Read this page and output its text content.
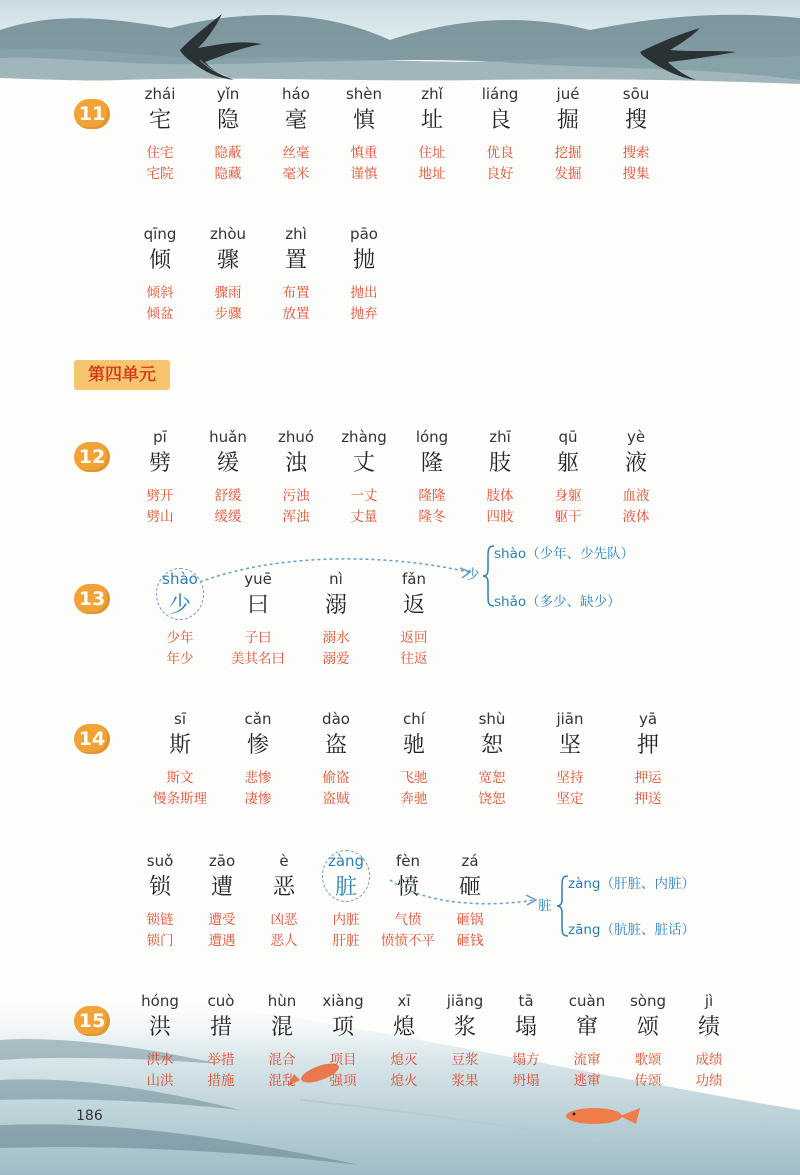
第四单元
11
zhái
宅
住宅
宅院
yǐn
隐
隐蔽
隐藏
háo
毫
丝毫
毫米
shèn
慎
慎重
谨慎
zhǐ
址
住址
地址
liáng
良
优良
良好
jué
掘
挖掘
发掘
sōu
搜
搜索
搜集
qīng
倾
倾斜
倾盆
zhòu
骤
骤雨
步骤
zhì
置
布置
放置
pāo
抛
抛出
抛弃
12
pī
劈
劈开
劈山
huǎn
缓
舒缓
缓缓
zhuó
浊
污浊
浑浊
zhàng
丈
一丈
丈量
lóng
隆
隆隆
隆冬
zhī
肢
肢体
四肢
qū
躯
身躯
躯干
yè
液
血液
液体
13
shào
少
少年
年少
yuē
曰
子曰
美其名曰
nì
溺
溺水
溺爱
fǎn
返
返回
往返
14
sī
斯
斯文
慢条斯理
cǎn
惨
悲惨
凄惨
dào
盗
偷盗
盗贼
chí
驰
飞驰
奔驰
shù
恕
宽恕
饶恕
jiān
坚
坚持
坚定
yā
押
押运
押送
suǒ
锁
锁链
锁门
zāo
遭
遭受
遭遇
è
恶
凶恶
恶人
zàng
脏
内脏
肝脏
fèn
愤
气愤
愤愤不平
zá
砸
砸锅
砸钱
15
hóng
洪
洪水
山洪
cuò
措
举措
措施
hùn
混
混合
混乱
xiàng
项
项目
强项
xī
熄
熄灭
熄火
jiāng
浆
豆浆
浆果
tā
塌
塌方
坍塌
cuàn
窜
流窜
逃窜
sòng
颂
歌颂
传颂
jì
绩
成绩
功绩
少
shào（少年、少先队）
shǎo（多少、缺少）
脏
zàng（肝脏、内脏）
zāng（肮脏、脏话）
186
